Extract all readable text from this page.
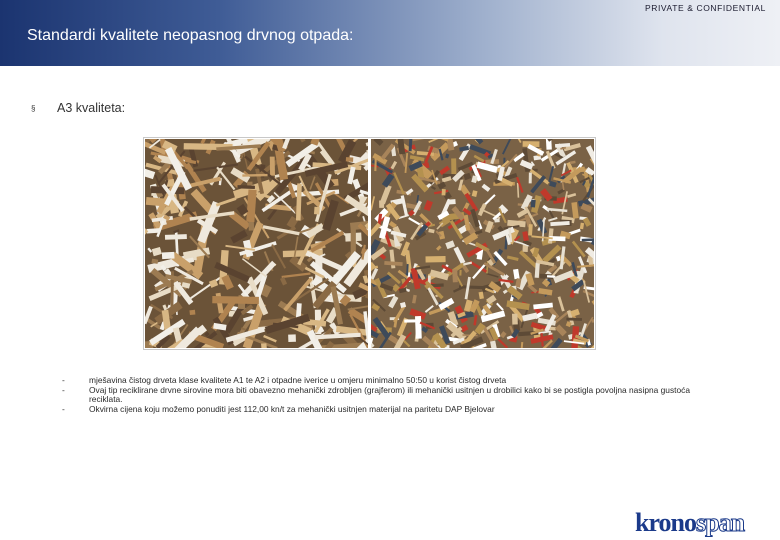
PRIVATE & CONFIDENTIAL
Standardi kvalitete neopasnog drvnog otpada:
§ A3 kvaliteta:
-	mješavina čistog drveta klase kvalitete A1 te A2 i otpadne iverice u omjeru minimalno 50:50 u korist čistog drveta
-	Ovaj tip reciklirane drvne sirovine mora biti obavezno mehanički zdrobljen (grajferom) ili mehanički usitnjen u drobilici kako bi se postigla povoljna nasipna gustoća reciklata.
-	Okvirna cijena koju možemo ponuditi jest 112,00 kn/t za mehanički usitnjen materijal na paritetu DAP Bjelovar
kronospan
